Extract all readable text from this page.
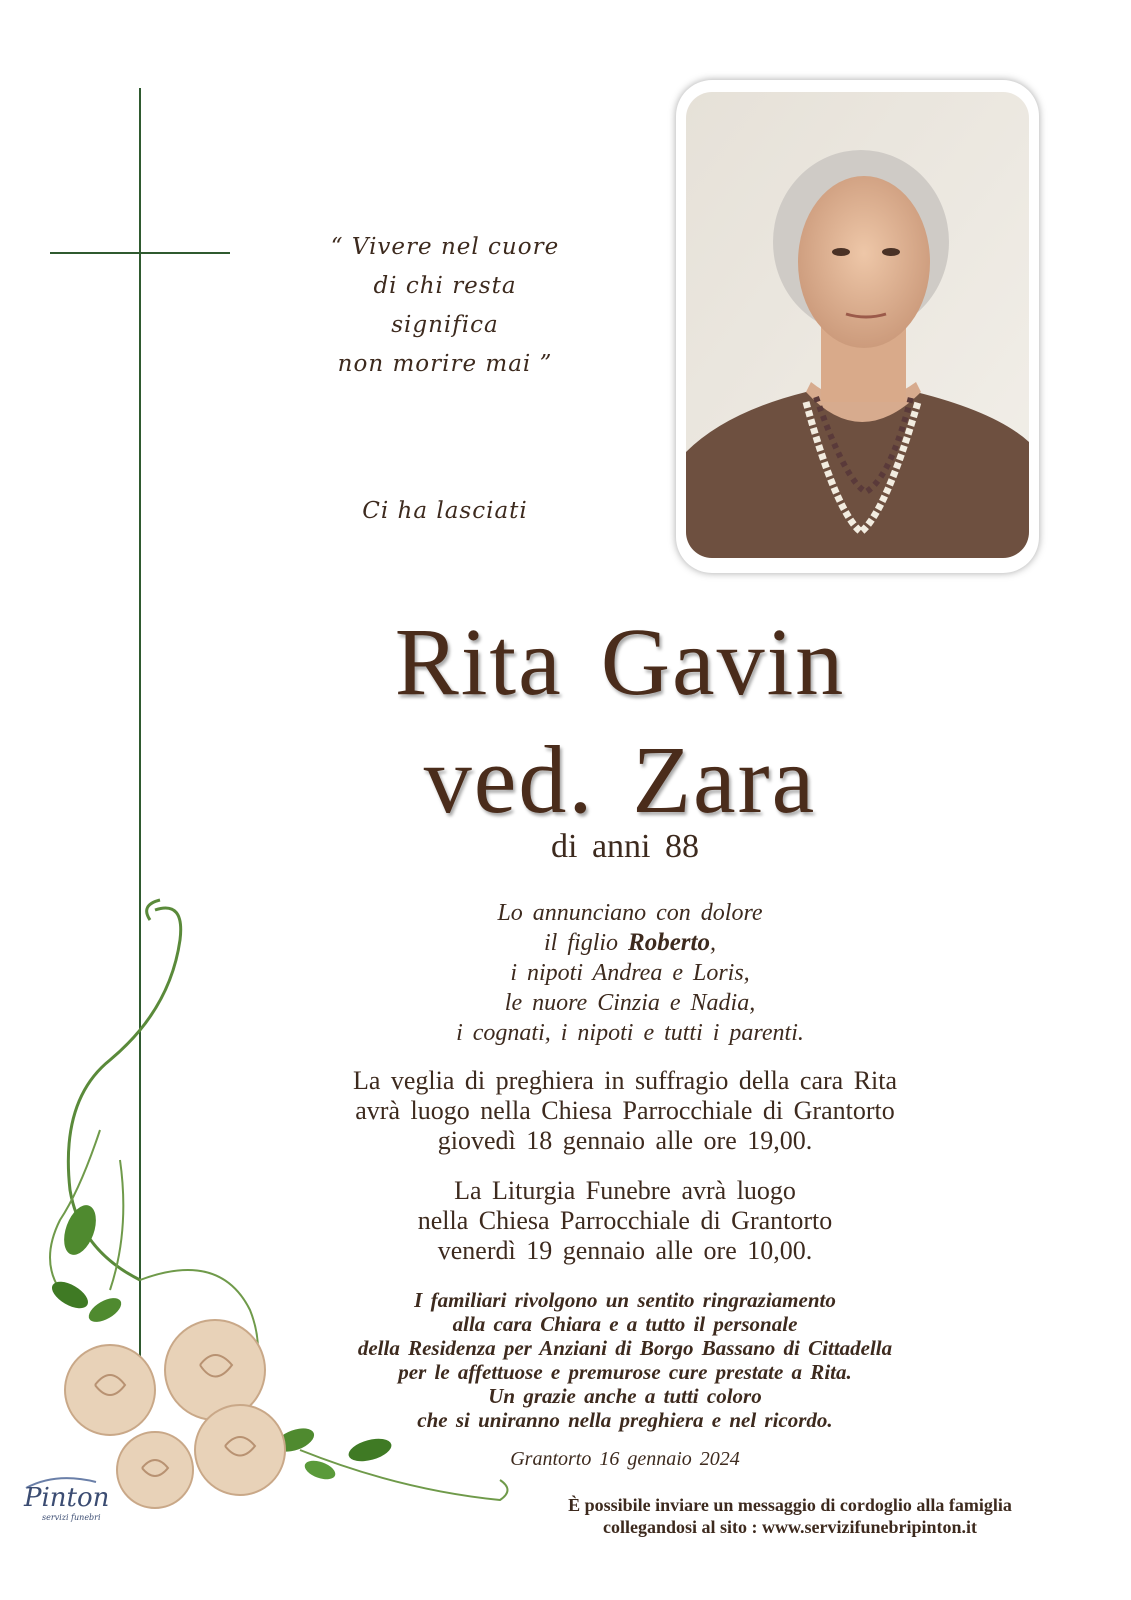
“ Vivere nel cuore
di chi resta
significa
non morire mai ”
Ci ha lasciati
Rita Gavin
ved. Zara
di anni 88
Lo annunciano con dolore
il figlio Roberto,
i nipoti Andrea e Loris,
le nuore Cinzia e Nadia,
i cognati, i nipoti e tutti i parenti.
La veglia di preghiera in suffragio della cara Rita
avrà luogo nella Chiesa Parrocchiale di Grantorto
giovedì 18 gennaio alle ore 19,00.
La Liturgia Funebre avrà luogo
nella Chiesa Parrocchiale di Grantorto
venerdì 19 gennaio alle ore 10,00.
I familiari rivolgono un sentito ringraziamento
alla cara Chiara e a tutto il personale
della Residenza per Anziani di Borgo Bassano di Cittadella
per le affettuose e premurose cure prestate a Rita.
Un grazie anche a tutti coloro
che si uniranno nella preghiera e nel ricordo.
Grantorto 16 gennaio 2024
È possibile inviare un messaggio di cordoglio alla famiglia
collegandosi al sito : www.servizifunebripinton.it
Pinton
servizi funebri
